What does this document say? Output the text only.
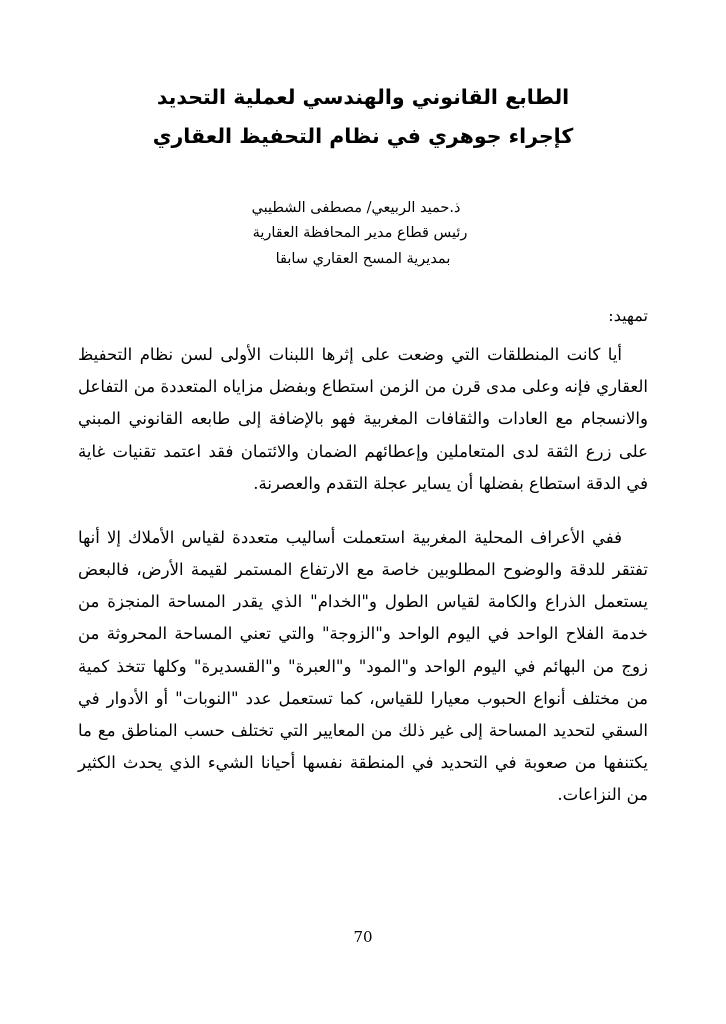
الطابع القانوني والهندسي لعملية التحديد
كإجراء جوهري في نظام التحفيظ العقاري
ذ.حميد الربيعي/ مصطفى الشطيبي
رئيس قطاع مدير المحافظة العقارية
بمديرية المسح العقاري سابقا
تمهيد:
أيا كانت المنطلقات التي وضعت على إثرها اللبنات الأولى لسن نظام التحفيظ العقاري فإنه وعلى مدى قرن من الزمن استطاع وبفضل مزاياه المتعددة من التفاعل والانسجام مع العادات والثقافات المغربية فهو بالإضافة إلى طابعه القانوني المبني على زرع الثقة لدى المتعاملين وإعطائهم الضمان والائتمان فقد اعتمد تقنيات غاية في الدقة استطاع بفضلها أن يساير عجلة التقدم والعصرنة.
ففي الأعراف المحلية المغربية استعملت أساليب متعددة لقياس الأملاك إلا أنها تفتقر للدقة والوضوح المطلوبين خاصة مع الارتفاع المستمر لقيمة الأرض، فالبعض يستعمل الذراع والكامة لقياس الطول و"الخدام" الذي يقدر المساحة المنجزة من خدمة الفلاح الواحد في اليوم الواحد و"الزوجة" والتي تعني المساحة المحروثة من زوج من البهائم في اليوم الواحد و"المود" و"العبرة" و"القسديرة" وكلها تتخذ كمية من مختلف أنواع الحبوب معيارا للقياس، كما تستعمل عدد "النوبات" أو الأدوار في السقي لتحديد المساحة إلى غير ذلك من المعايير التي تختلف حسب المناطق مع ما يكتنفها من صعوبة في التحديد في المنطقة نفسها أحيانا الشيء الذي يحدث الكثير من النزاعات.
70
